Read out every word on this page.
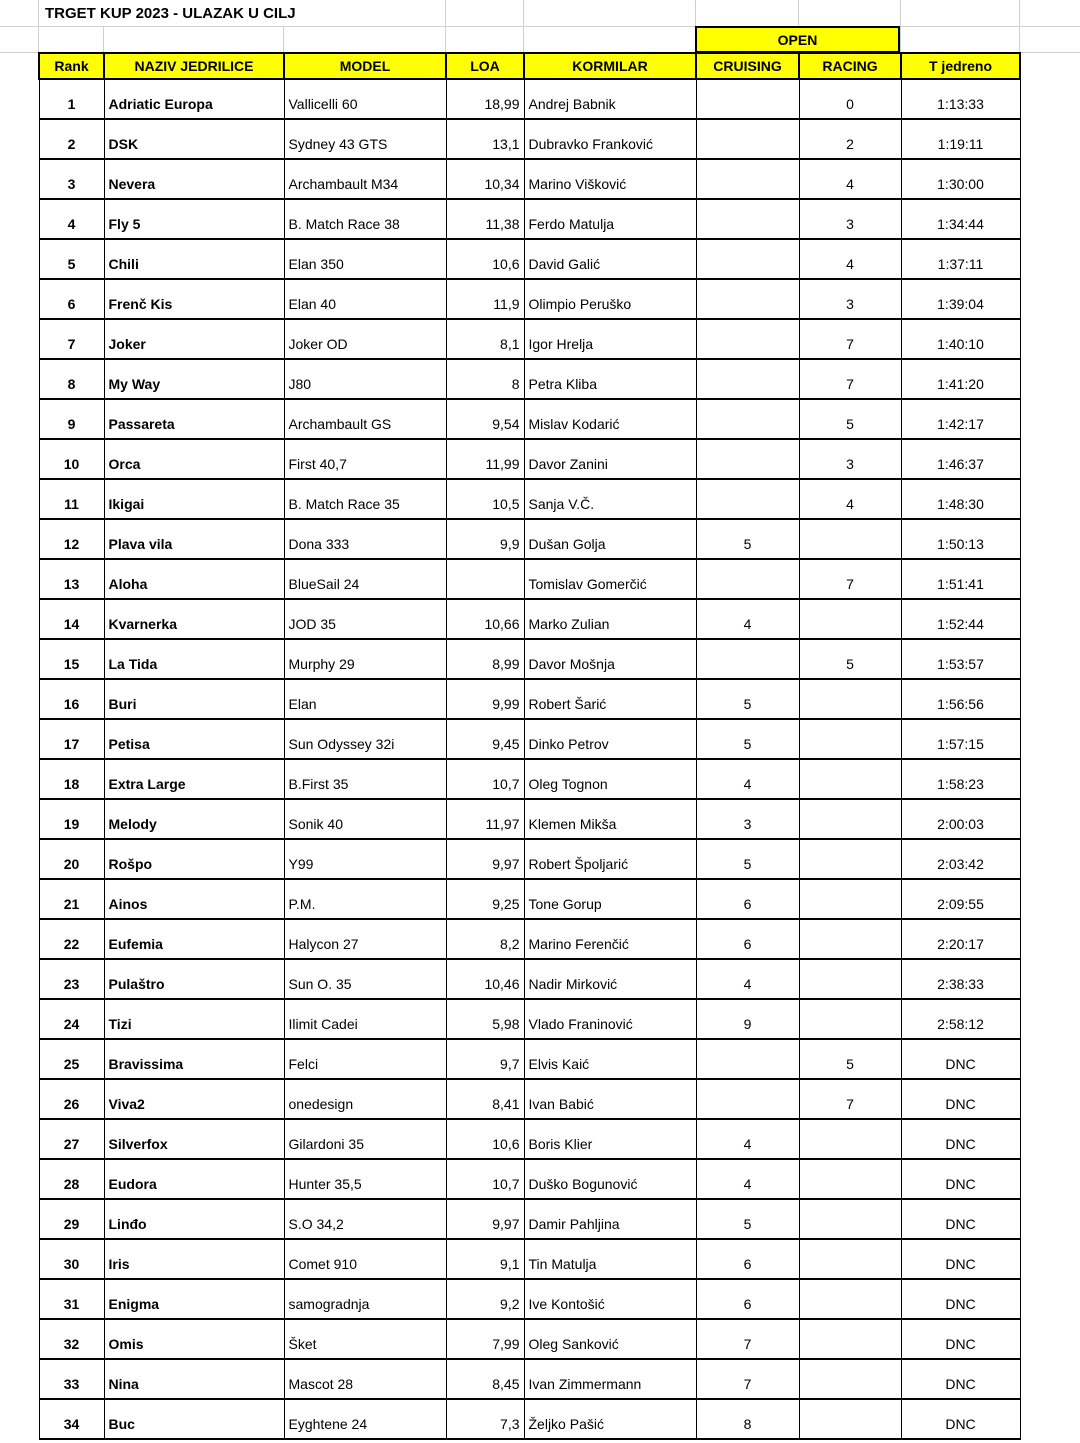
TRGET KUP 2023 - ULAZAK U CILJ
OPEN
Rank	NAZIV JEDRILICE	MODEL	LOA	KORMILAR	CRUISING	RACING	T jedreno
1	Adriatic Europa	Vallicelli 60	18,99	Andrej Babnik		0	1:13:33
2	DSK	Sydney 43 GTS	13,1	Dubravko Franković		2	1:19:11
3	Nevera	Archambault M34	10,34	Marino Višković		4	1:30:00
4	Fly 5	B. Match Race 38	11,38	Ferdo Matulja		3	1:34:44
5	Chili	Elan 350	10,6	David Galić		4	1:37:11
6	Frenč Kis	Elan 40	11,9	Olimpio Peruško		3	1:39:04
7	Joker	Joker OD	8,1	Igor Hrelja		7	1:40:10
8	My Way	J80	8	Petra Kliba		7	1:41:20
9	Passareta	Archambault GS	9,54	Mislav Kodarić		5	1:42:17
10	Orca	First 40,7	11,99	Davor Zanini		3	1:46:37
11	Ikigai	B. Match Race 35	10,5	Sanja V.Č.		4	1:48:30
12	Plava vila	Dona 333	9,9	Dušan Golja	5		1:50:13
13	Aloha	BlueSail 24		Tomislav Gomerčić		7	1:51:41
14	Kvarnerka	JOD 35	10,66	Marko Zulian	4		1:52:44
15	La Tida	Murphy 29	8,99	Davor Mošnja		5	1:53:57
16	Buri	Elan	9,99	Robert Šarić	5		1:56:56
17	Petisa	Sun Odyssey 32i	9,45	Dinko Petrov	5		1:57:15
18	Extra Large	B.First 35	10,7	Oleg Tognon	4		1:58:23
19	Melody	Sonik 40	11,97	Klemen Mikša	3		2:00:03
20	Rošpo	Y99	9,97	Robert Špoljarić	5		2:03:42
21	Ainos	P.M.	9,25	Tone Gorup	6		2:09:55
22	Eufemia	Halycon 27	8,2	Marino Ferenčić	6		2:20:17
23	Pulaštro	Sun O. 35	10,46	Nadir Mirković	4		2:38:33
24	Tizi	Ilimit Cadei	5,98	Vlado Franinović	9		2:58:12
25	Bravissima	Felci	9,7	Elvis Kaić		5	DNC
26	Viva2	onedesign	8,41	Ivan Babić		7	DNC
27	Silverfox	Gilardoni 35	10,6	Boris Klier	4		DNC
28	Eudora	Hunter 35,5	10,7	Duško Bogunović	4		DNC
29	Linđo	S.O 34,2	9,97	Damir Pahljina	5		DNC
30	Iris	Comet 910	9,1	Tin Matulja	6		DNC
31	Enigma	samogradnja	9,2	Ive Kontošić	6		DNC
32	Omis	Šket	7,99	Oleg Sanković	7		DNC
33	Nina	Mascot 28	8,45	Ivan Zimmermann	7		DNC
34	Buc	Eyghtene 24	7,3	Željko Pašić	8		DNC
